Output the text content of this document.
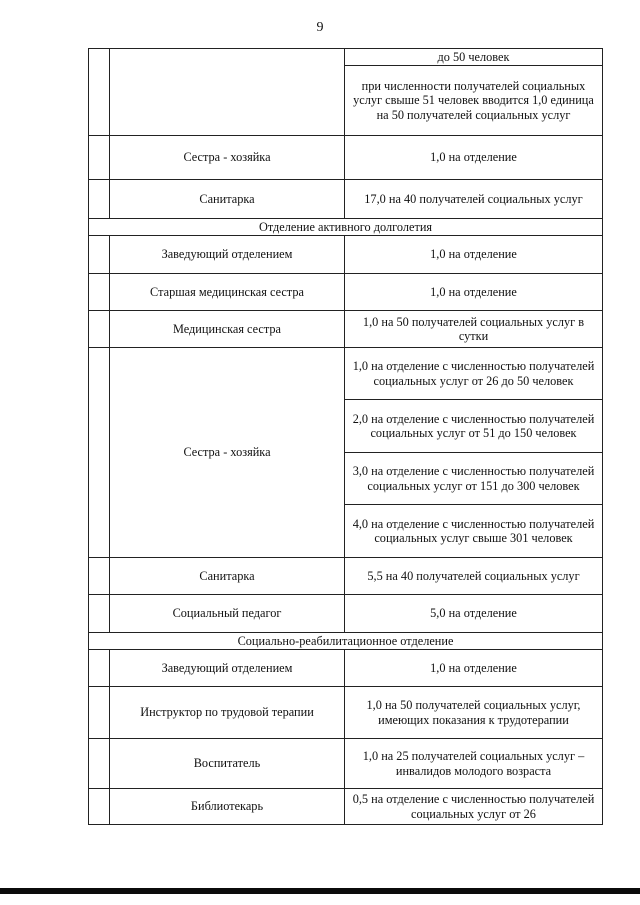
9
		до 50 человек
		при численности получателей социальных услуг свыше 51 человек вводится 1,0 единица на 50 получателей социальных услуг
	Сестра - хозяйка	1,0 на отделение
	Санитарка	17,0 на 40 получателей социальных услуг
Отделение активного долголетия		
	Заведующий отделением	1,0 на отделение
	Старшая медицинская сестра	1,0 на отделение
	Медицинская сестра	1,0 на 50 получателей социальных услуг в сутки
	Сестра - хозяйка	1,0 на отделение с численностью получателей социальных услуг от 26 до 50 человек
		2,0 на отделение с численностью получателей социальных услуг от 51 до 150 человек
		3,0 на отделение с численностью получателей социальных услуг от 151 до 300 человек
		4,0 на отделение с численностью получателей социальных услуг свыше 301 человек
	Санитарка	5,5 на 40 получателей социальных услуг
	Социальный педагог	5,0 на отделение
Социально-реабилитационное отделение		
	Заведующий отделением	1,0 на отделение
	Инструктор по трудовой терапии	1,0 на 50 получателей социальных услуг, имеющих показания к трудотерапии
	Воспитатель	1,0 на 25 получателей социальных услуг – инвалидов молодого возраста
	Библиотекарь	0,5 на отделение с численностью получателей социальных услуг от 26
